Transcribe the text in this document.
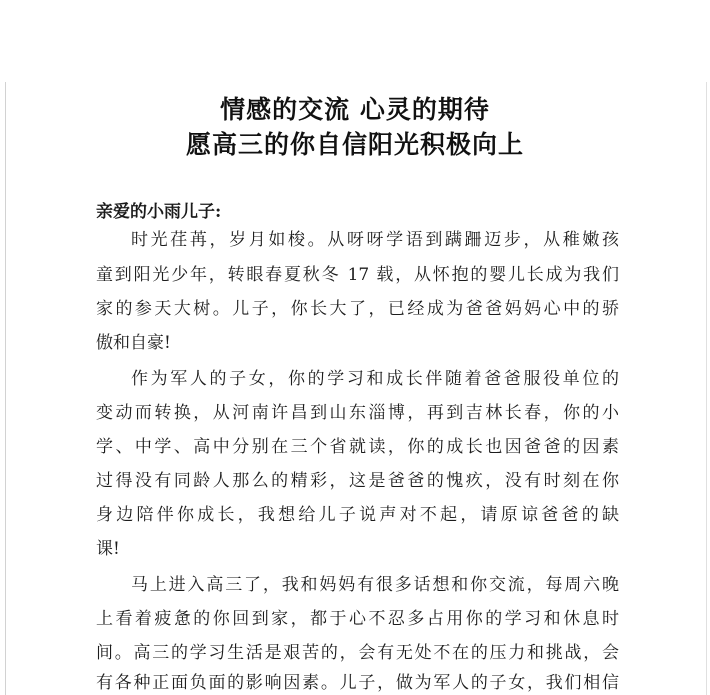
情感的交流 心灵的期待
愿高三的你自信阳光积极向上
亲爱的小雨儿子:
时光荏苒，岁月如梭。从呀呀学语到蹒跚迈步，从稚嫩孩
童到阳光少年，转眼春夏秋冬 17 载，从怀抱的婴儿长成为我们
家的参天大树。儿子，你长大了，已经成为爸爸妈妈心中的骄
傲和自豪!
作为军人的子女，你的学习和成长伴随着爸爸服役单位的
变动而转换，从河南许昌到山东淄博，再到吉林长春，你的小
学、中学、高中分别在三个省就读，你的成长也因爸爸的因素
过得没有同龄人那么的精彩，这是爸爸的愧疚，没有时刻在你
身边陪伴你成长，我想给儿子说声对不起，请原谅爸爸的缺
课!
马上进入高三了，我和妈妈有很多话想和你交流，每周六晚
上看着疲惫的你回到家，都于心不忍多占用你的学习和休息时
间。高三的学习生活是艰苦的，会有无处不在的压力和挑战，会
有各种正面负面的影响因素。儿子，做为军人的子女，我们相信
